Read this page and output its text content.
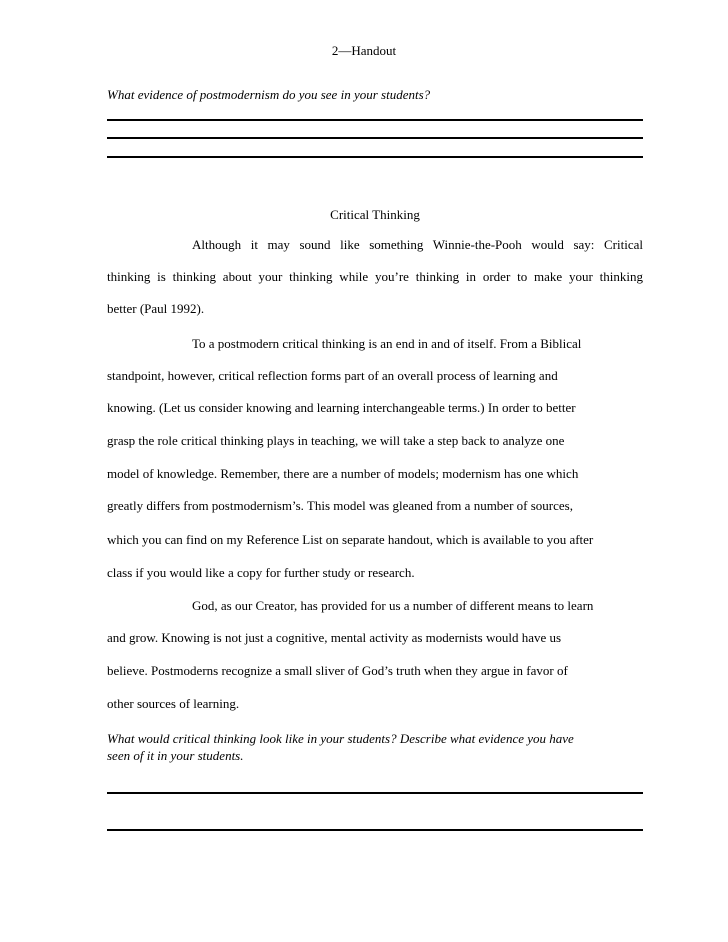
2—Handout
What evidence of postmodernism do you see in your students?
Critical Thinking
Although it may sound like something Winnie-the-Pooh would say: Critical
thinking is thinking about your thinking while you’re thinking in order to make your thinking
better (Paul 1992).
To a postmodern critical thinking is an end in and of itself. From a Biblical
standpoint, however, critical reflection forms part of an overall process of learning and
knowing. (Let us consider knowing and learning interchangeable terms.) In order to better
grasp the role critical thinking plays in teaching, we will take a step back to analyze one
model of knowledge. Remember, there are a number of models; modernism has one which
greatly differs from postmodernism’s. This model was gleaned from a number of sources,
which you can find on my Reference List on separate handout, which is available to you after
class if you would like a copy for further study or research.
God, as our Creator, has provided for us a number of different means to learn
and grow. Knowing is not just a cognitive, mental activity as modernists would have us
believe. Postmoderns recognize a small sliver of God’s truth when they argue in favor of
other sources of learning.
What would critical thinking look like in your students? Describe what evidence you have
seen of it in your students.
